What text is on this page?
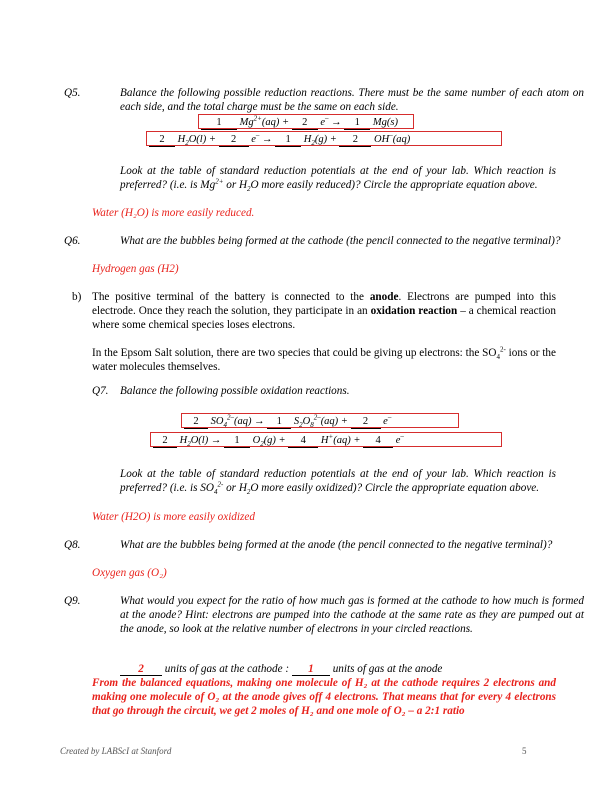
Q5.	Balance the following possible reduction reactions. There must be the same number of each atom on each side, and the total charge must be the same on each side.
1 $Mg^{2+}(aq) + 2$ e– → 1 Mg(s)
2 $H_2O(l) + 2$ e– → 1 $H_2(g) + 2$ OH–(aq)
Look at the table of standard reduction potentials at the end of your lab. Which reaction is preferred? (i.e. is $Mg^{2+}$ or $H_2O$ more easily reduced)? Circle the appropriate equation above.
Water (H₂O) is more easily reduced.
Q6.	What are the bubbles being formed at the cathode (the pencil connected to the negative terminal)?
Hydrogen gas (H2)
b) The positive terminal of the battery is connected to the anode. Electrons are pumped into this electrode. Once they reach the solution, they participate in an oxidation reaction – a chemical reaction where some chemical species loses electrons.
In the Epsom Salt solution, there are two species that could be giving up electrons: the $SO_4^{2-}$ ions or the water molecules themselves.
Q7. Balance the following possible oxidation reactions.
2 $SO_4^{2-}(aq) \to 1$ $S_2O_8^{2-}(aq) + 2$ e–
2 $H_2O(l) \to 1$ $O_2(g) + 4$ H+(aq) + 4 e–
Look at the table of standard reduction potentials at the end of your lab. Which reaction is preferred? (i.e. is $SO_4^{2-}$ or $H_2O$ more easily oxidized)? Circle the appropriate equation above.
Water (H2O) is more easily oxidized
Q8.	What are the bubbles being formed at the anode (the pencil connected to the negative terminal)?
Oxygen gas (O₂)
Q9.	What would you expect for the ratio of how much gas is formed at the cathode to how much is formed at the anode? Hint: electrons are pumped into the cathode at the same rate as they are pumped out at the anode, so look at the relative number of electrons in your circled reactions.
2 units of gas at the cathode : 1 units of gas at the anode
From the balanced equations, making one molecule of H₂ at the cathode requires 2 electrons and making one molecule of O₂ at the anode gives off 4 electrons. That means that for every 4 electrons that go through the circuit, we get 2 moles of H₂ and one mole of O₂ – a 2:1 ratio
Created by LABScI at Stanford	5
